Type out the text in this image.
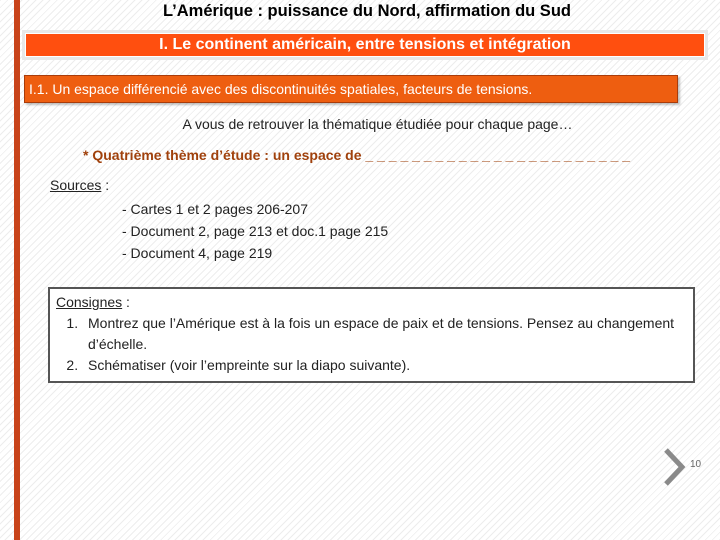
L’Amérique : puissance du Nord, affirmation du Sud
I. Le continent américain, entre tensions et intégration
I.1. Un espace différencié avec des discontinuités spatiales, facteurs de tensions.
A vous de retrouver la thématique étudiée pour chaque page…
* Quatrième thème d’étude : un espace de _ _ _ _ _ _ _ _ _ _ _ _ _ _ _ _ _ _ _ _ _ _ _
Sources :
- Cartes 1 et 2 pages 206-207
- Document 2, page 213 et doc.1 page 215
- Document 4, page 219
Consignes :
1. Montrez que l’Amérique est à la fois un espace de paix et de tensions. Pensez au changement d’échelle.
2. Schématiser (voir l’empreinte sur la diapo suivante).
10
